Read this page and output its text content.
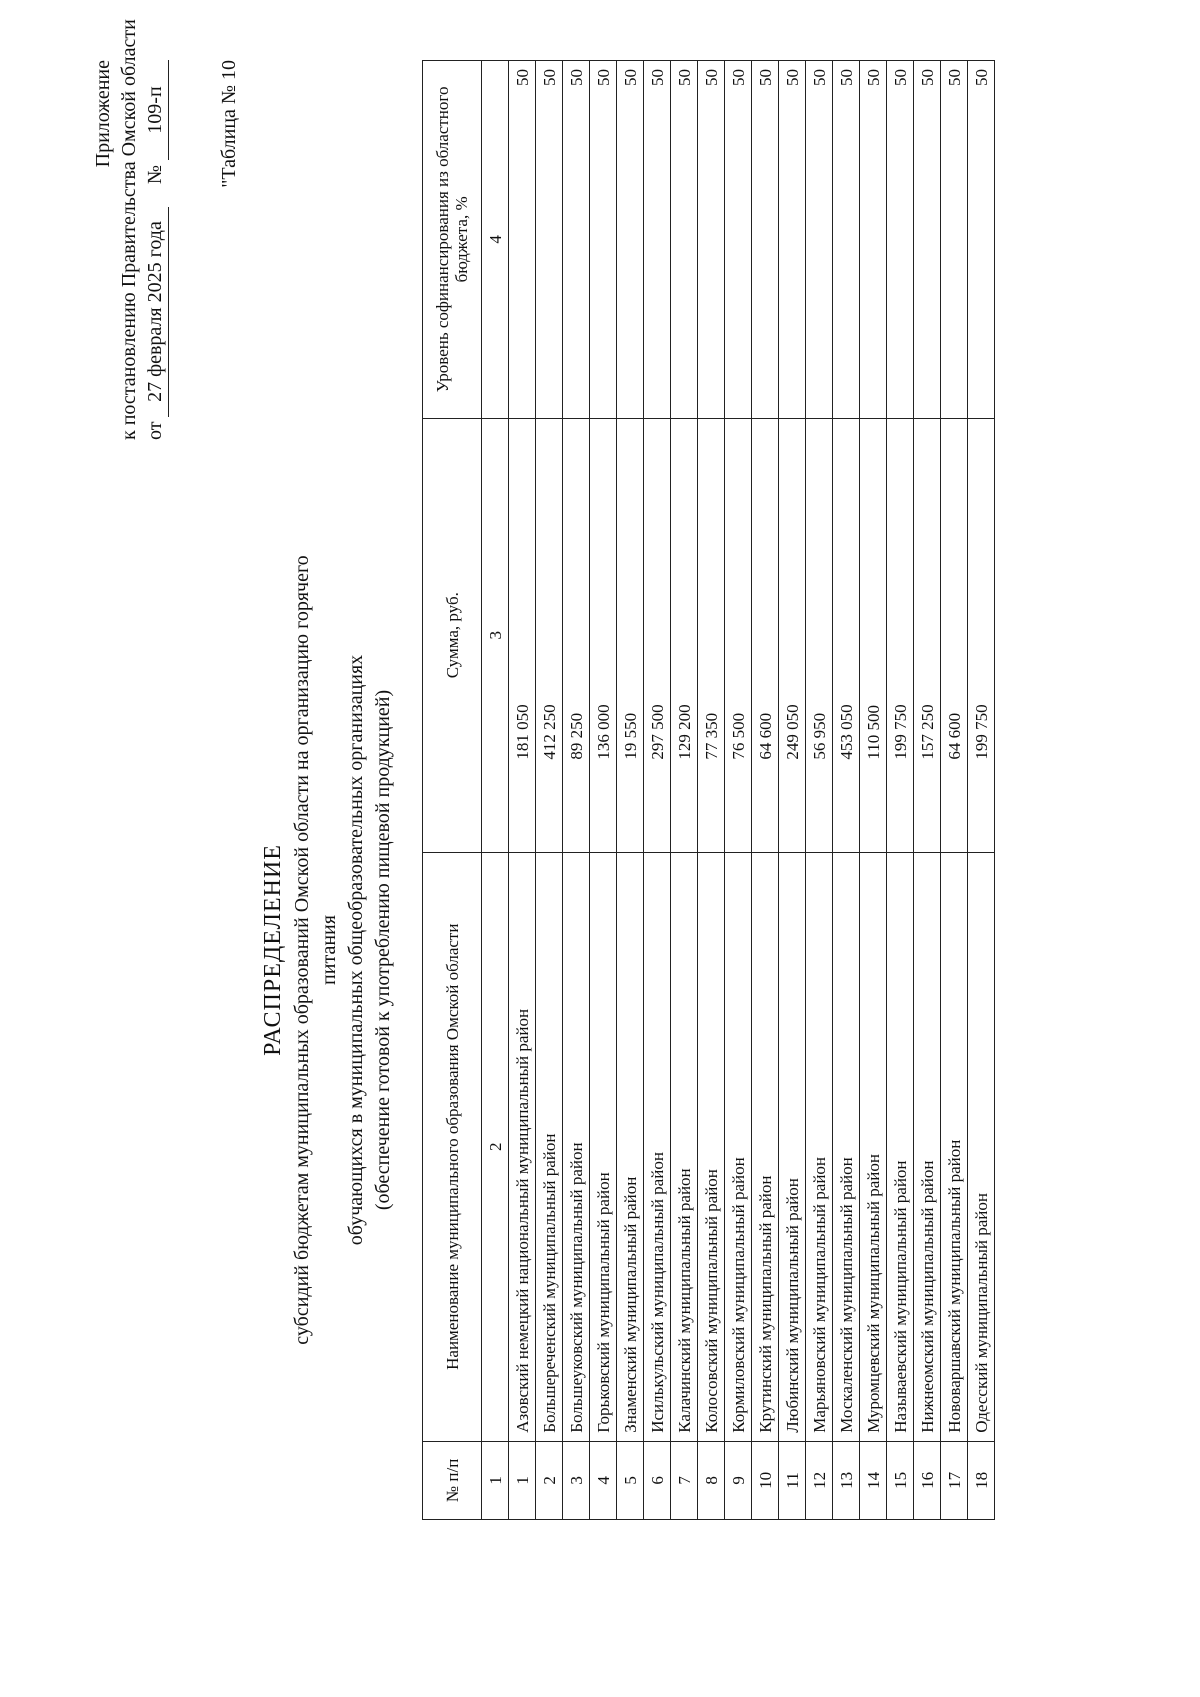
Приложение к постановлению Правительства Омской области от 27 февраля 2025 года
№ 109-п	"Таблица № 10
РАСПРЕДЕЛЕНИЕ субсидий бюджетам муниципальных образований Омской области на организацию горячего питания обучающихся в муниципальных общеобразовательных организациях (обеспечение готовой к употреблению пищевой продукцией)
№ п/п	Наименование муниципального образования Омской области	Сумма, руб.	Уровень софинансирования из областного бюджета, %
1	2	3	4
1	Азовский немецкий национальный муниципальный район	181 050	50
2	Большереченский муниципальный район	412 250	50
3	Большеуковский муниципальный район	89 250	50
4	Горьковский муниципальный район	136 000	50
5	Знаменский муниципальный район	19 550	50
6	Исилькульский муниципальный район	297 500	50
7	Калачинский муниципальный район	129 200	50
8	Колосовский муниципальный район	77 350	50
9	Кормиловский муниципальный район	76 500	50
10	Крутинский муниципальный район	64 600	50
11	Любинский муниципальный район	249 050	50
12	Марьяновский муниципальный район	56 950	50
13	Москаленский муниципальный район	453 050	50
14	Муромцевский муниципальный район	110 500	50
15	Называевский муниципальный район	199 750	50
16	Нижнеомский муниципальный район	157 250	50
17	Нововаршавский муниципальный район	64 600	50
18	Одесский муниципальный район	199 750	50
